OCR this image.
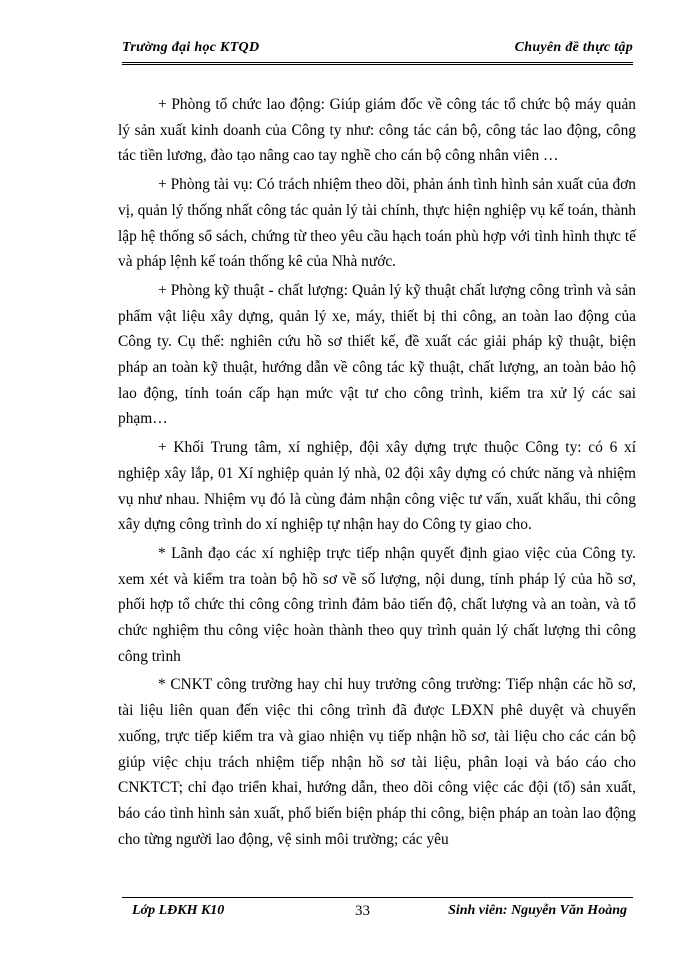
Trường đại học KTQD	Chuyên đề thực tập

+ Phòng tổ chức lao động: Giúp giám đốc về công tác tổ chức bộ máy quản lý sản xuất kinh doanh của Công ty như: công tác cán bộ, công tác lao động, công tác tiền lương, đào tạo nâng cao tay nghề cho cán bộ công nhân viên …

+ Phòng tài vụ: Có trách nhiệm theo dõi, phản ánh tình hình sản xuất của đơn vị, quản lý thống nhất công tác quản lý tài chính, thực hiện nghiệp vụ kế toán, thành lập hệ thống sổ sách, chứng từ theo yêu cầu hạch toán phù hợp với tình hình thực tế và pháp lệnh kế toán thống kê của Nhà nước.

+ Phòng kỹ thuật - chất lượng: Quản lý kỹ thuật chất lượng công trình và sản phẩm vật liệu xây dựng, quản lý xe, máy, thiết bị thi công, an toàn lao động của Công ty. Cụ thể: nghiên cứu hồ sơ thiết kế, đề xuất các giải pháp kỹ thuật, biện pháp an toàn kỹ thuật, hướng dẫn về công tác kỹ thuật, chất lượng, an toàn bảo hộ lao động, tính toán cấp hạn mức vật tư cho công trình, kiểm tra xử lý các sai phạm…

+ Khối Trung tâm, xí nghiệp, đội xây dựng trực thuộc Công ty: có 6 xí nghiệp xây lắp, 01 Xí nghiệp quản lý nhà, 02 đội xây dựng có chức năng và nhiệm vụ như nhau. Nhiệm vụ đó là cùng đảm nhận công việc tư vấn, xuất khẩu, thi công xây dựng công trình do xí nghiệp tự nhận hay do Công ty giao cho.

* Lãnh đạo các xí nghiệp trực tiếp nhận quyết định giao việc của Công ty. xem xét và kiểm tra toàn bộ hồ sơ về số lượng, nội dung, tính pháp lý của hồ sơ, phối hợp tổ chức thi công công trình đảm bảo tiến độ, chất lượng và an toàn, và tổ chức nghiệm thu công việc hoàn thành theo quy trình quản lý chất lượng thi công công trình

* CNKT công trường hay chỉ huy trưởng công trường: Tiếp nhận các hồ sơ, tài liệu liên quan đến việc thi công trình đã được LĐXN phê duyệt và chuyển xuống, trực tiếp kiểm tra và giao nhiện vụ tiếp nhận hồ sơ, tài liệu cho các cán bộ giúp việc chịu trách nhiệm tiếp nhận hồ sơ tài liệu, phân loại và báo cáo cho CNKTCT; chỉ đạo triển khai, hướng dẫn, theo dõi công việc các đội (tổ) sản xuất, báo cáo tình hình sản xuất, phổ biến biện pháp thi công, biện pháp an toàn lao động cho từng người lao động, vệ sinh môi trường; các yêu

Lớp LĐKH K10	33	Sinh viên: Nguyễn Văn Hoàng
